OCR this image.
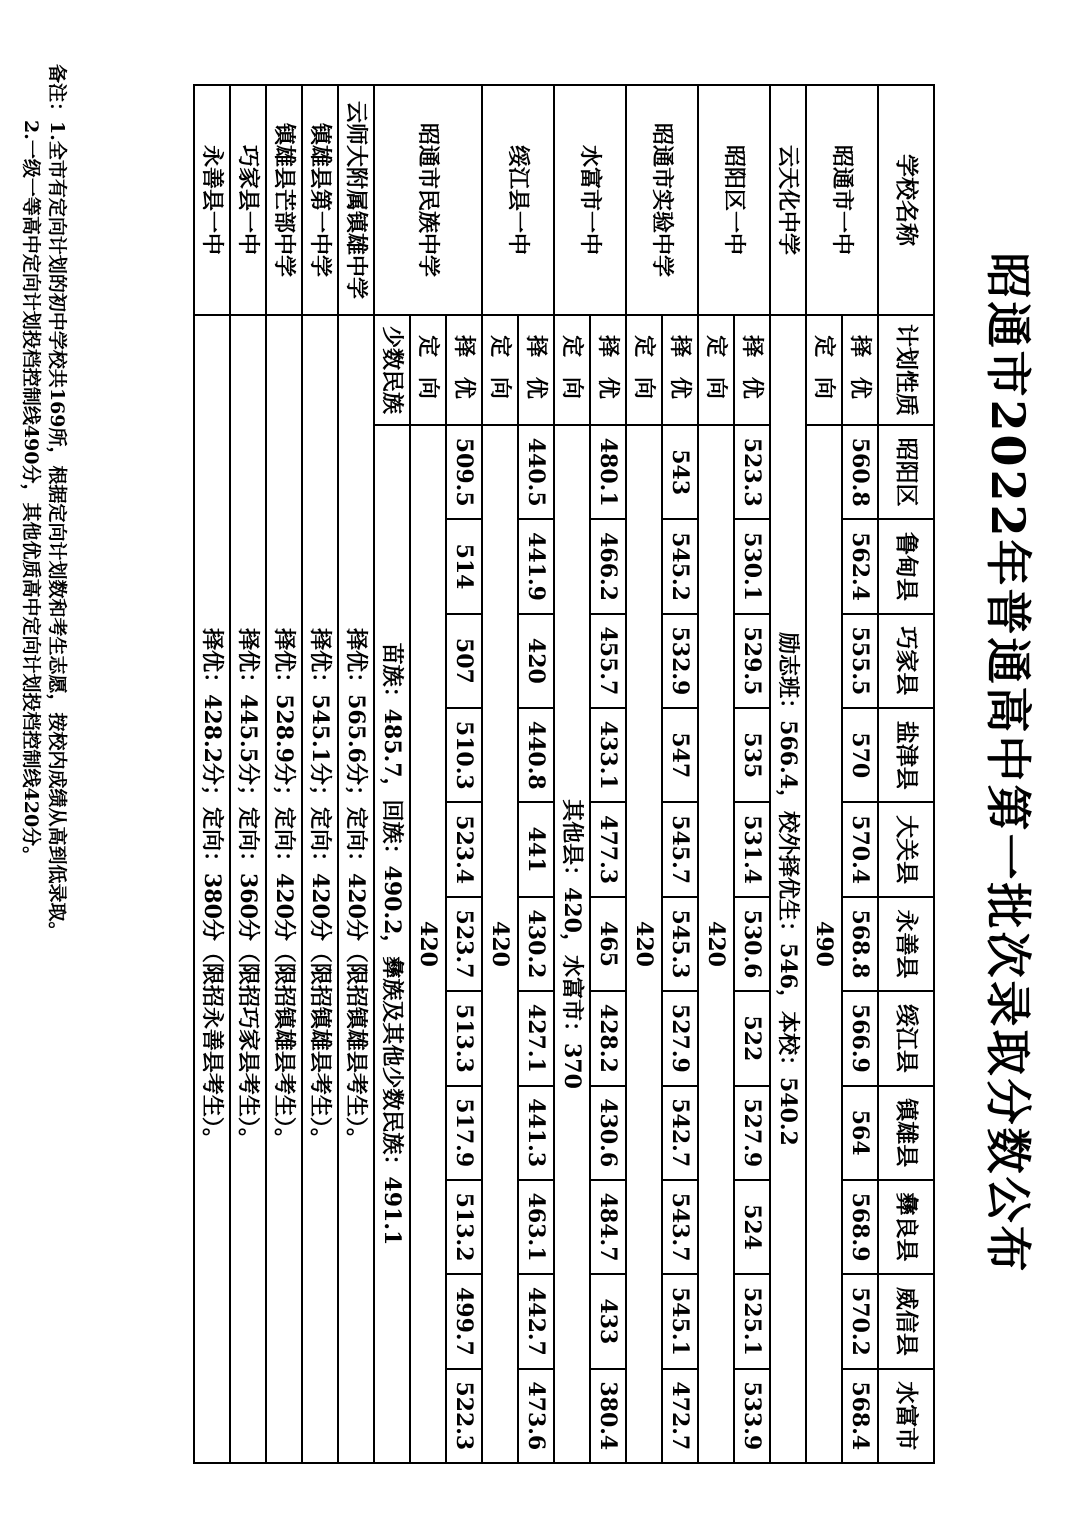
昭通市2022年普通高中第一批次录取分数公布
学校名称	计划性质	昭阳区	鲁甸县	巧家县	盐津县	大关县	永善县	绥江县	镇雄县	彝良县	威信县	水富市
昭通市一中	择 优	560.8	562.4	555.5	570	570.4	568.8	566.9	564	568.9	570.2	568.4
	定 向	490										
云天化中学	励志班：566.4，校外择优生：546，本校：540.2											
昭阳区一中	择 优	523.3	530.1	529.5	535	531.4	530.6	522	527.9	524	525.1	533.9
	定 向	420										
昭通市实验中学	择 优	543	545.2	532.9	547	545.7	545.3	527.9	542.7	543.7	545.1	472.7
	定 向	420										
水富市一中	择 优	480.1	466.2	455.7	433.1	477.3	465	428.2	430.6	484.7	433	380.4
	定 向	其他县：420，水富市：370										
绥江县一中	择 优	440.5	441.9	420	440.8	441	430.2	427.1	441.3	463.1	442.7	473.6
	定 向	420										
昭通市民族中学	择 优	509.5	514	507	510.3	523.4	523.7	513.3	517.9	513.2	499.7	522.3
	定 向	420										
	少数民族	苗族：485.7，回族：490.2，彝族及其他少数民族：491.1										
云师大附属镇雄中学	择优：565.6分；定向：420分（限招镇雄县考生）。											
镇雄县第一中学	择优：545.1分；定向：420分（限招镇雄县考生）。											
镇雄县芒部中学	择优：528.9分；定向：420分（限招镇雄县考生）。											
巧家县一中	择优：445.5分；定向：360分（限招巧家县考生）。											
永善县一中	择优：428.2分；定向：380分（限招永善县考生）。											
备注：1.全市有定向计划的初中学校共169所，根据定向计划数和考生志愿，按校内成绩从高到低录取。
2.一级一等高中定向计划投档控制线490分，其他优质高中定向计划投档控制线420分。
